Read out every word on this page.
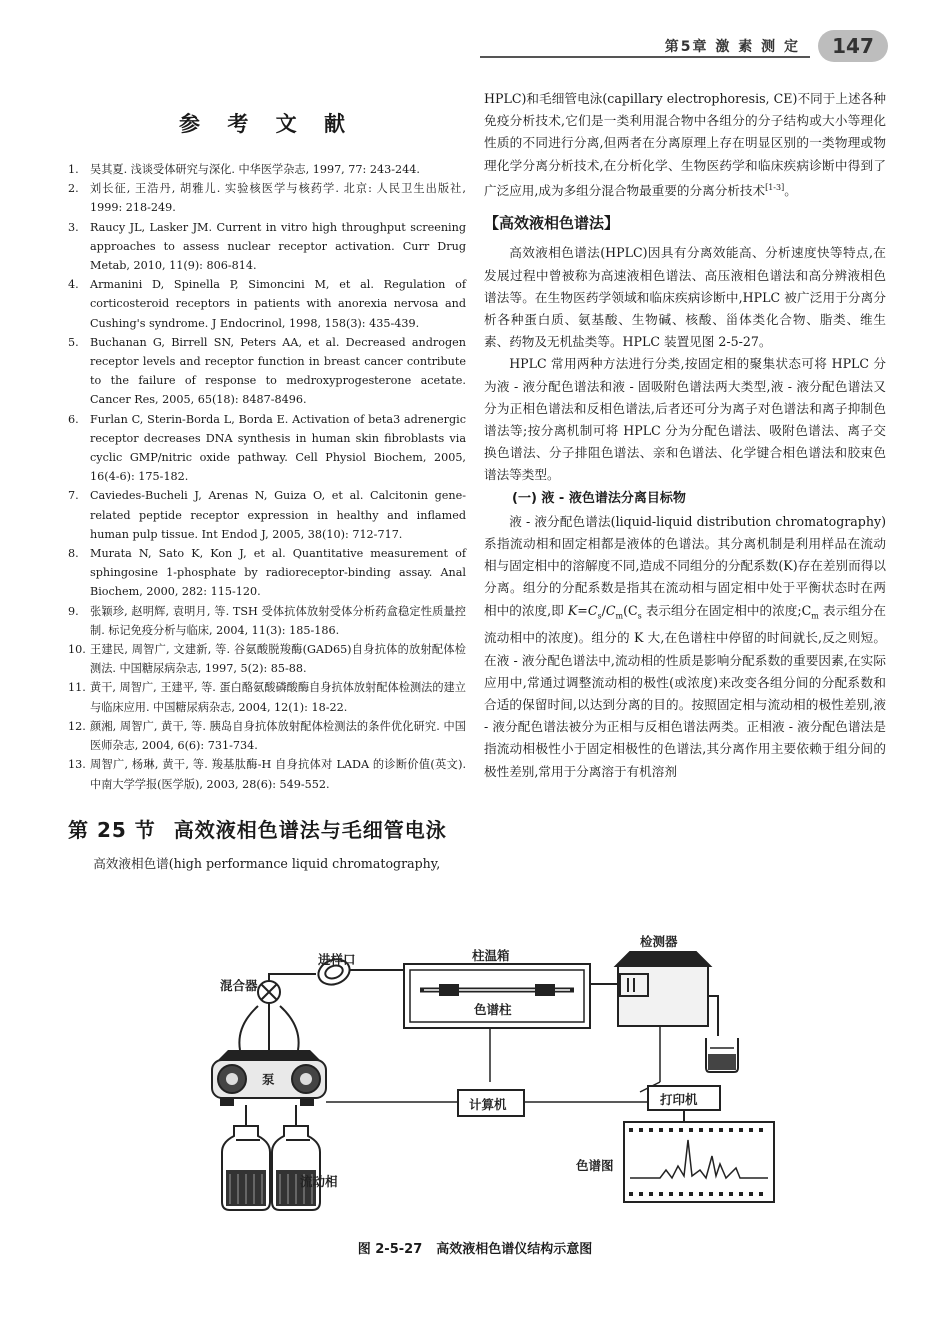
第5章 激 素 测 定	147
参 考 文 献
1.	吴其夏. 浅谈受体研究与深化. 中华医学杂志, 1997, 77: 243-244.
2.	刘长征, 王浩丹, 胡雅儿. 实验核医学与核药学. 北京: 人民卫生出版社, 1999: 218-249.
3.	Raucy JL, Lasker JM. Current in vitro high throughput screening approaches to assess nuclear receptor activation. Curr Drug Metab, 2010, 11(9): 806-814.
4.	Armanini D, Spinella P, Simoncini M, et al. Regulation of corticosteroid receptors in patients with anorexia nervosa and Cushing's syndrome. J Endocrinol, 1998, 158(3): 435-439.
5.	Buchanan G, Birrell SN, Peters AA, et al. Decreased androgen receptor levels and receptor function in breast cancer contribute to the failure of response to medroxyprogesterone acetate. Cancer Res, 2005, 65(18): 8487-8496.
6.	Furlan C, Sterin-Borda L, Borda E. Activation of beta3 adrenergic receptor decreases DNA synthesis in human skin fibroblasts via cyclic GMP/nitric oxide pathway. Cell Physiol Biochem, 2005, 16(4-6): 175-182.
7.	Caviedes-Bucheli J, Arenas N, Guiza O, et al. Calcitonin gene-related peptide receptor expression in healthy and inflamed human pulp tissue. Int Endod J, 2005, 38(10): 712-717.
8.	Murata N, Sato K, Kon J, et al. Quantitative measurement of sphingosine 1-phosphate by radioreceptor-binding assay. Anal Biochem, 2000, 282: 115-120.
9.	张颖珍, 赵明辉, 袁明月, 等. TSH 受体抗体放射受体分析药盒稳定性质量控制. 标记免疫分析与临床, 2004, 11(3): 185-186.
10. 王建民, 周智广, 文建新, 等. 谷氨酸脱羧酶(GAD65)自身抗体的放射配体检测法. 中国糖尿病杂志, 1997, 5(2): 85-88.
11. 黄干, 周智广, 王建平, 等. 蛋白酪氨酸磷酸酶自身抗体放射配体检测法的建立与临床应用. 中国糖尿病杂志, 2004, 12(1): 18-22.
12. 颜湘, 周智广, 黄干, 等. 胰岛自身抗体放射配体检测法的条件优化研究. 中国医师杂志, 2004, 6(6): 731-734.
13. 周智广, 杨琳, 黄干, 等. 羧基肽酶-H 自身抗体对 LADA 的诊断价值(英文). 中南大学学报(医学版), 2003, 28(6): 549-552.
第 25 节 高效液相色谱法与毛细管电泳
高效液相色谱(high performance liquid chromatography,

HPLC)和毛细管电泳(capillary electrophoresis, CE)不同于上述各种免疫分析技术,它们是一类利用混合物中各组分的分子结构或大小等理化性质的不同进行分离,但两者在分离原理上存在明显区别的一类物理或物理化学分离分析技术,在分析化学、生物医药学和临床疾病诊断中得到了广泛应用,成为多组分混合物最重要的分离分析技术[1-3]。

【高效液相色谱法】

高效液相色谱法(HPLC)因具有分离效能高、分析速度快等特点,在发展过程中曾被称为高速液相色谱法、高压液相色谱法和高分辨液相色谱法等。在生物医药学领域和临床疾病诊断中,HPLC 被广泛用于分离分析各种蛋白质、氨基酸、生物碱、核酸、甾体类化合物、脂类、维生素、药物及无机盐类等。HPLC 装置见图 2-5-27。

HPLC 常用两种方法进行分类,按固定相的聚集状态可将 HPLC 分为液 - 液分配色谱法和液 - 固吸附色谱法两大类型,液 - 液分配色谱法又分为正相色谱法和反相色谱法,后者还可分为离子对色谱法和离子抑制色谱法等;按分离机制可将 HPLC 分为分配色谱法、吸附色谱法、离子交换色谱法、分子排阻色谱法、亲和色谱法、化学键合相色谱法和胶束色谱法等类型。

(一) 液 - 液色谱法分离目标物

液 - 液分配色谱法(liquid-liquid distribution chromatography)系指流动相和固定相都是液体的色谱法。其分离机制是利用样品在流动相与固定相中的溶解度不同,造成不同组分的分配系数(K)存在差别而得以分离。组分的分配系数是指其在流动相与固定相中处于平衡状态时在两相中的浓度,即 $K=C_s/C_m(C_s$ 表示组分在固定相中的浓度$;C_m$ 表示组分在流动相中的浓度)。组分的 K 大,在色谱柱中停留的时间就长,反之则短。在液 - 液分配色谱法中,流动相的性质是影响分配系数的重要因素,在实际应用中,常通过调整流动相的极性(或浓度)来改变各组分间的分配系数和合适的保留时间,以达到分离的目的。按照固定相与流动相的极性差别,液 - 液分配色谱法被分为正相与反相色谱法两类。正相液 - 液分配色谱法是指流动相极性小于固定相极性的色谱法,其分离作用主要依赖于组分间的极性差别,常用于分离溶于有机溶剂

进样口	柱温箱
检测器
混合器
色谱柱
泵
计算机	打印机
色谱图
流动相
图 2-5-27 高效液相色谱仪结构示意图
